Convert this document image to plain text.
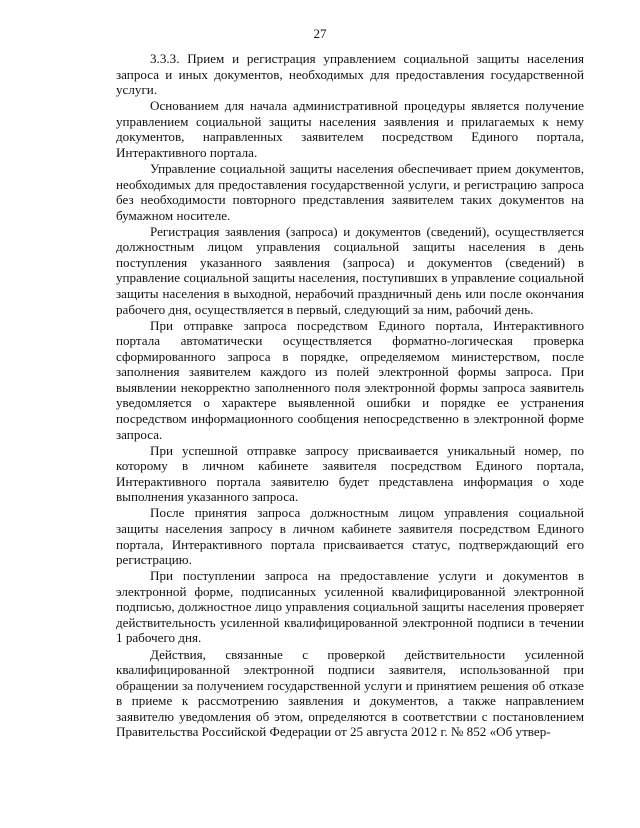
27

3.3.3. Прием и регистрация управлением социальной защиты населения запроса и иных документов, необходимых для предоставления государственной услуги.

Основанием для начала административной процедуры является получение управлением социальной защиты населения заявления и прилагаемых к нему документов, направленных заявителем посредством Единого портала, Интерактивного портала.

Управление социальной защиты населения обеспечивает прием документов, необходимых для предоставления государственной услуги, и регистрацию запроса без необходимости повторного представления заявителем таких документов на бумажном носителе.

Регистрация заявления (запроса) и документов (сведений), осуществляется должностным лицом управления социальной защиты населения в день поступления указанного заявления (запроса) и документов (сведений) в управление социальной защиты населения, поступивших в управление социальной защиты населения в выходной, нерабочий праздничный день или после окончания рабочего дня, осуществляется в первый, следующий за ним, рабочий день.

При отправке запроса посредством Единого портала, Интерактивного портала автоматически осуществляется форматно-логическая проверка сформированного запроса в порядке, определяемом министерством, после заполнения заявителем каждого из полей электронной формы запроса. При выявлении некорректно заполненного поля электронной формы запроса заявитель уведомляется о характере выявленной ошибки и порядке ее устранения посредством информационного сообщения непосредственно в электронной форме запроса.

При успешной отправке запросу присваивается уникальный номер, по которому в личном кабинете заявителя посредством Единого портала, Интерактивного портала заявителю будет представлена информация о ходе выполнения указанного запроса.

После принятия запроса должностным лицом управления социальной защиты населения запросу в личном кабинете заявителя посредством Единого портала, Интерактивного портала присваивается статус, подтверждающий его регистрацию.

При поступлении запроса на предоставление услуги и документов в электронной форме, подписанных усиленной квалифицированной электронной подписью, должностное лицо управления социальной защиты населения проверяет действительность усиленной квалифицированной электронной подписи в течении 1 рабочего дня.

Действия, связанные с проверкой действительности усиленной квалифицированной электронной подписи заявителя, использованной при обращении за получением государственной услуги и принятием решения об отказе в приеме к рассмотрению заявления и документов, а также направлением заявителю уведомления об этом, определяются в соответствии с постановлением Правительства Российской Федерации от 25 августа 2012 г. № 852 «Об утвер-
